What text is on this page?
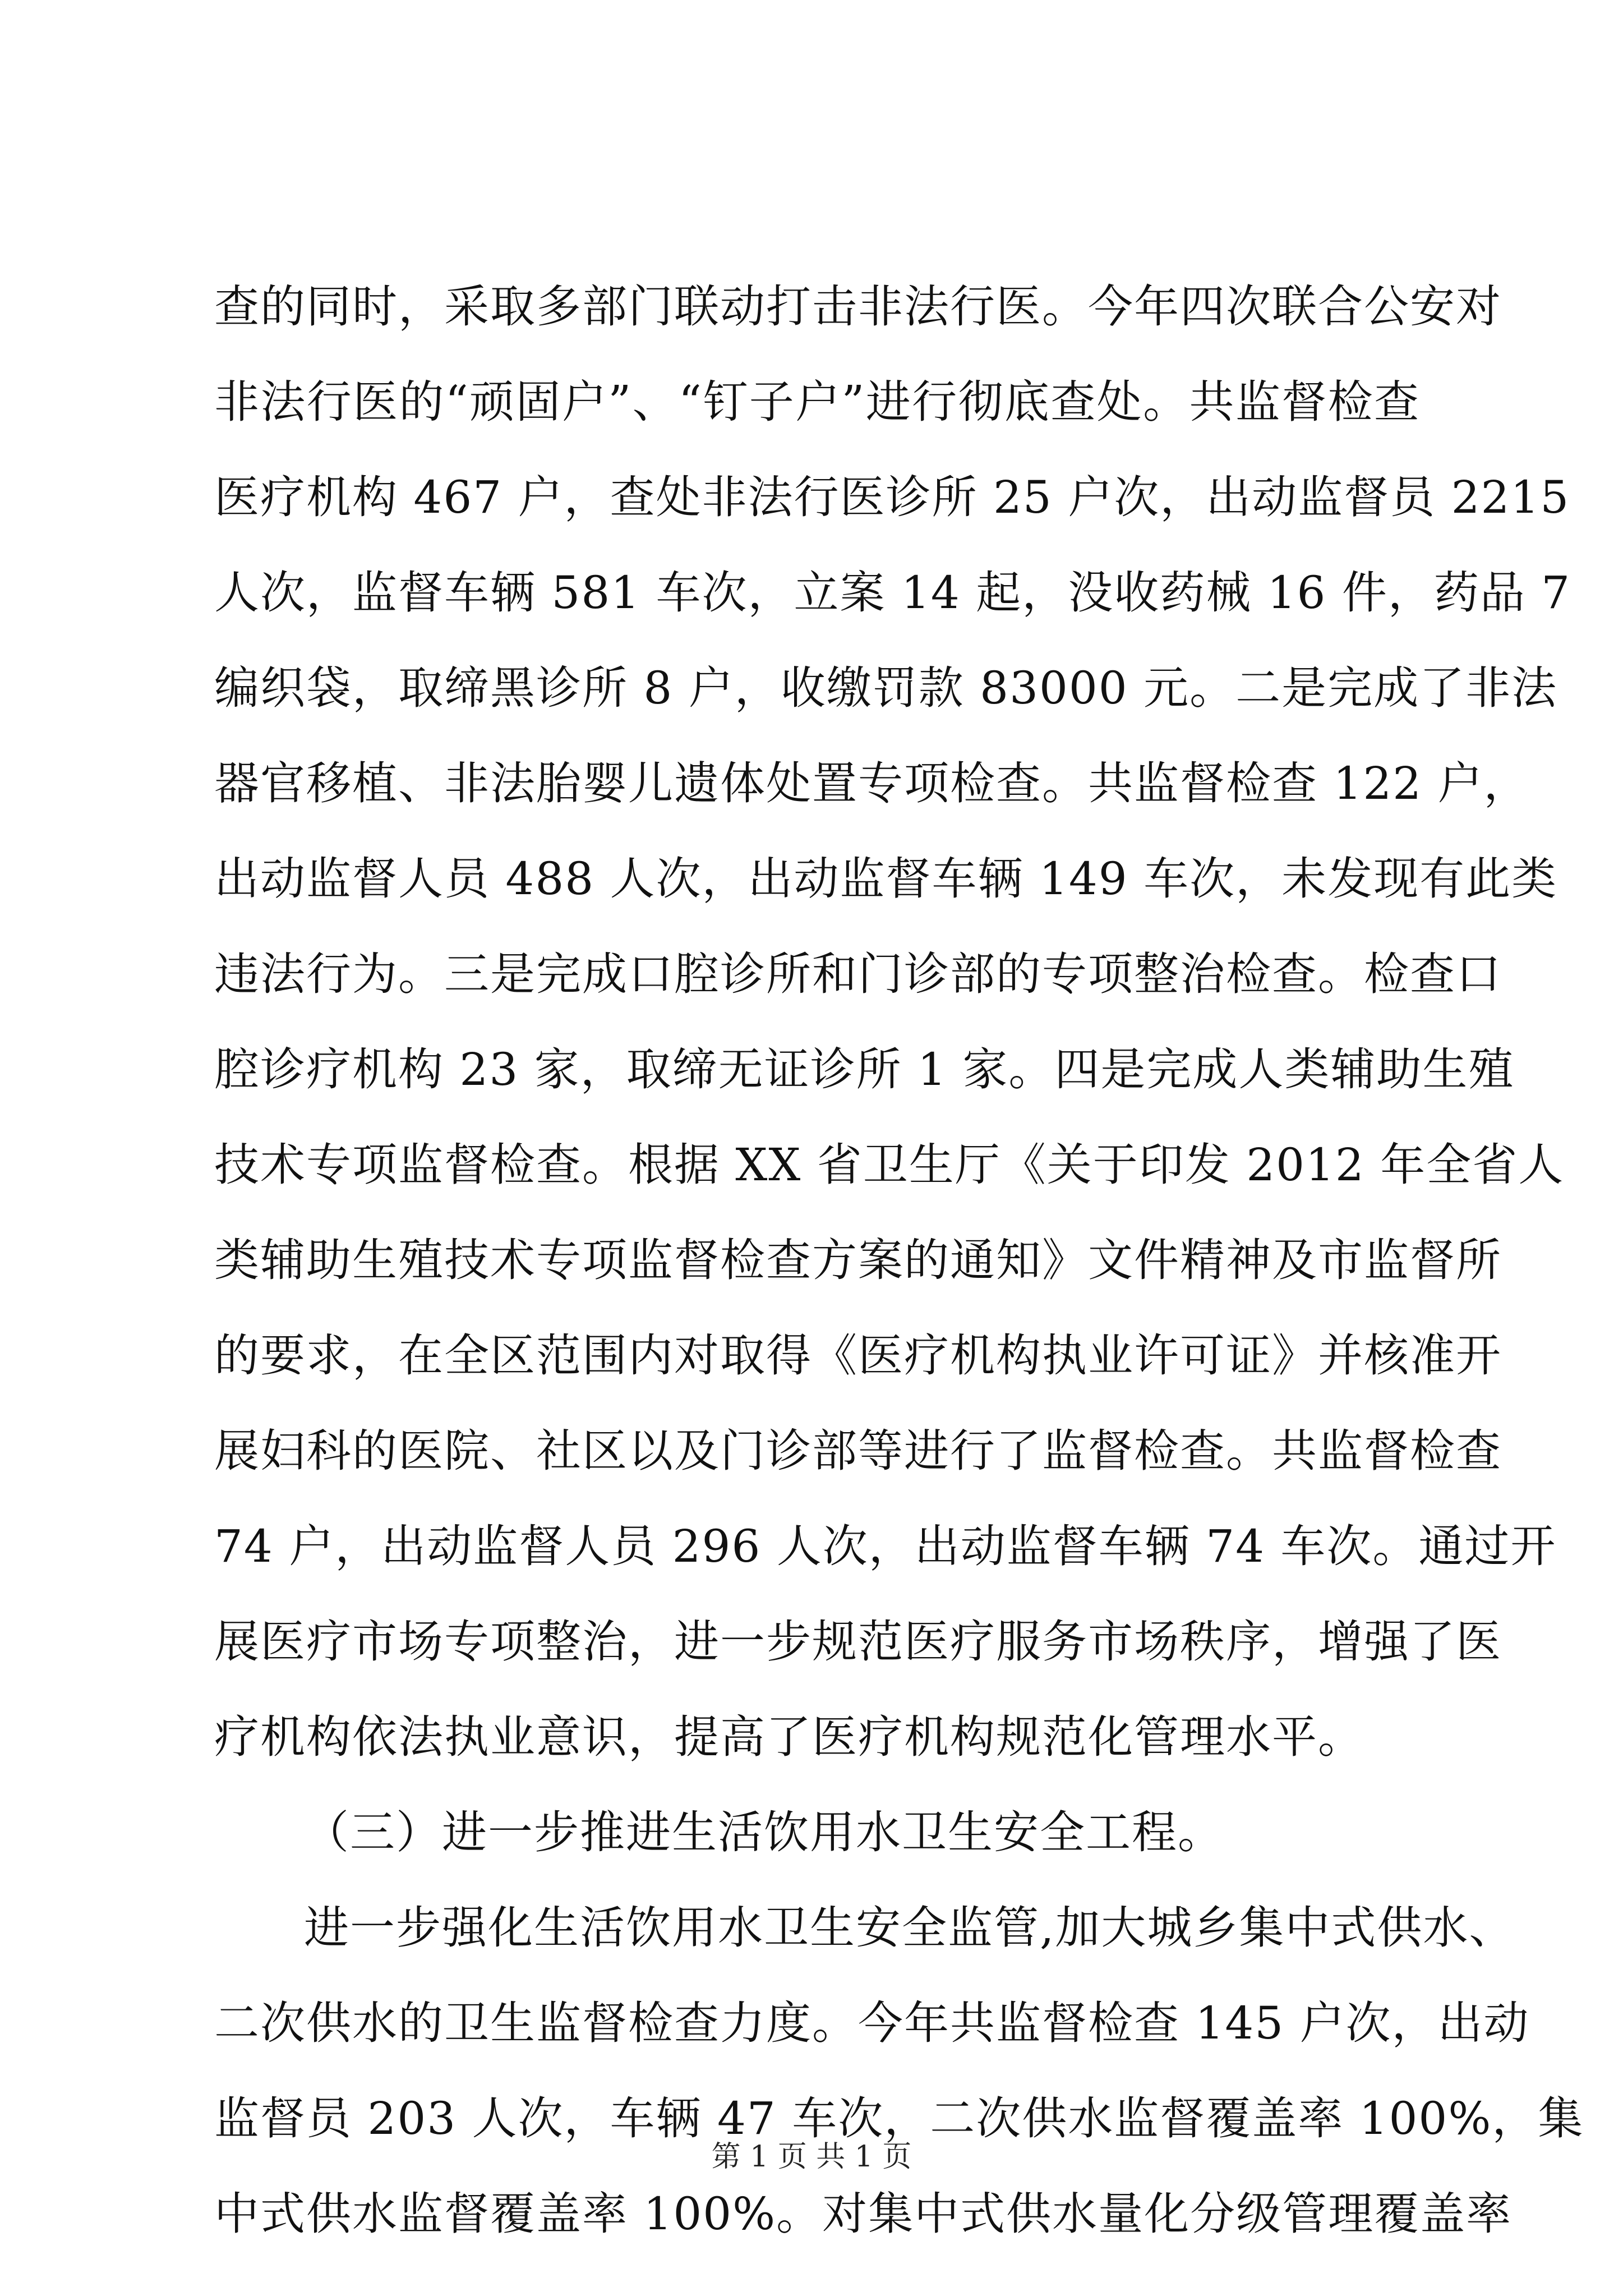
查的同时，采取多部门联动打击非法行医。今年四次联合公安对
非法行医的“顽固户”、“钉子户”进行彻底查处。共监督检查
医疗机构 467 户，查处非法行医诊所 25 户次，出动监督员 2215
人次，监督车辆 581 车次，立案 14 起，没收药械 16 件，药品 7
编织袋，取缔黑诊所 8 户，收缴罚款 83000 元。二是完成了非法
器官移植、非法胎婴儿遗体处置专项检查。共监督检查 122 户，
出动监督人员 488 人次，出动监督车辆 149 车次，未发现有此类
违法行为。三是完成口腔诊所和门诊部的专项整治检查。检查口
腔诊疗机构 23 家，取缔无证诊所 1 家。四是完成人类辅助生殖
技术专项监督检查。根据 XX 省卫生厅《关于印发 2012 年全省人
类辅助生殖技术专项监督检查方案的通知》文件精神及市监督所
的要求，在全区范围内对取得《医疗机构执业许可证》并核准开
展妇科的医院、社区以及门诊部等进行了监督检查。共监督检查
74 户，出动监督人员 296 人次，出动监督车辆 74 车次。通过开
展医疗市场专项整治，进一步规范医疗服务市场秩序，增强了医
疗机构依法执业意识，提高了医疗机构规范化管理水平。
（三）进一步推进生活饮用水卫生安全工程。
进一步强化生活饮用水卫生安全监管,加大城乡集中式供水、
二次供水的卫生监督检查力度。今年共监督检查 145 户次，出动
监督员 203 人次，车辆 47 车次，二次供水监督覆盖率 100%，集
中式供水监督覆盖率 100%。对集中式供水量化分级管理覆盖率
第 1 页 共 1 页
